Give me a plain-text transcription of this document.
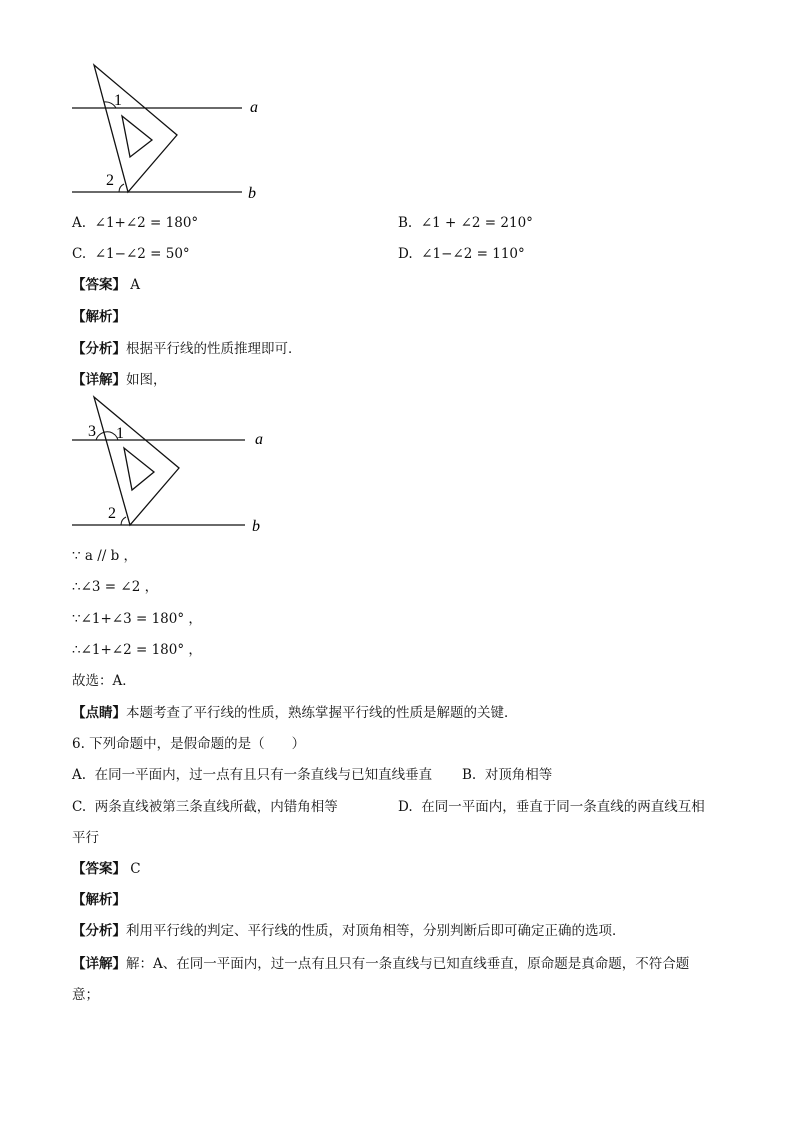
1
2
a
b
A. ∠1+∠2 = 180°	B. ∠1 + ∠2 = 210°
C. ∠1−∠2 = 50°	D. ∠1−∠2 = 110°
【答案】 A
【解析】
【分析】根据平行线的性质推理即可．
【详解】如图，
3 1
2
a
b
∵ a // b ，
∴∠3 = ∠2 ，
∵∠1+∠3 = 180° ，
∴∠1+∠2 = 180° ，
故选：A．
【点睛】本题考查了平行线的性质，熟练掌握平行线的性质是解题的关键．
6. 下列命题中，是假命题的是（　　）
A. 在同一平面内，过一点有且只有一条直线与已知直线垂直 B. 对顶角相等
C. 两条直线被第三条直线所截，内错角相等	D. 在同一平面内，垂直于同一条直线的两直线互相
平行
【答案】 C
【解析】
【分析】利用平行线的判定、平行线的性质，对顶角相等，分别判断后即可确定正确的选项．
【详解】解：A、在同一平面内，过一点有且只有一条直线与已知直线垂直，原命题是真命题，不符合题
意；
